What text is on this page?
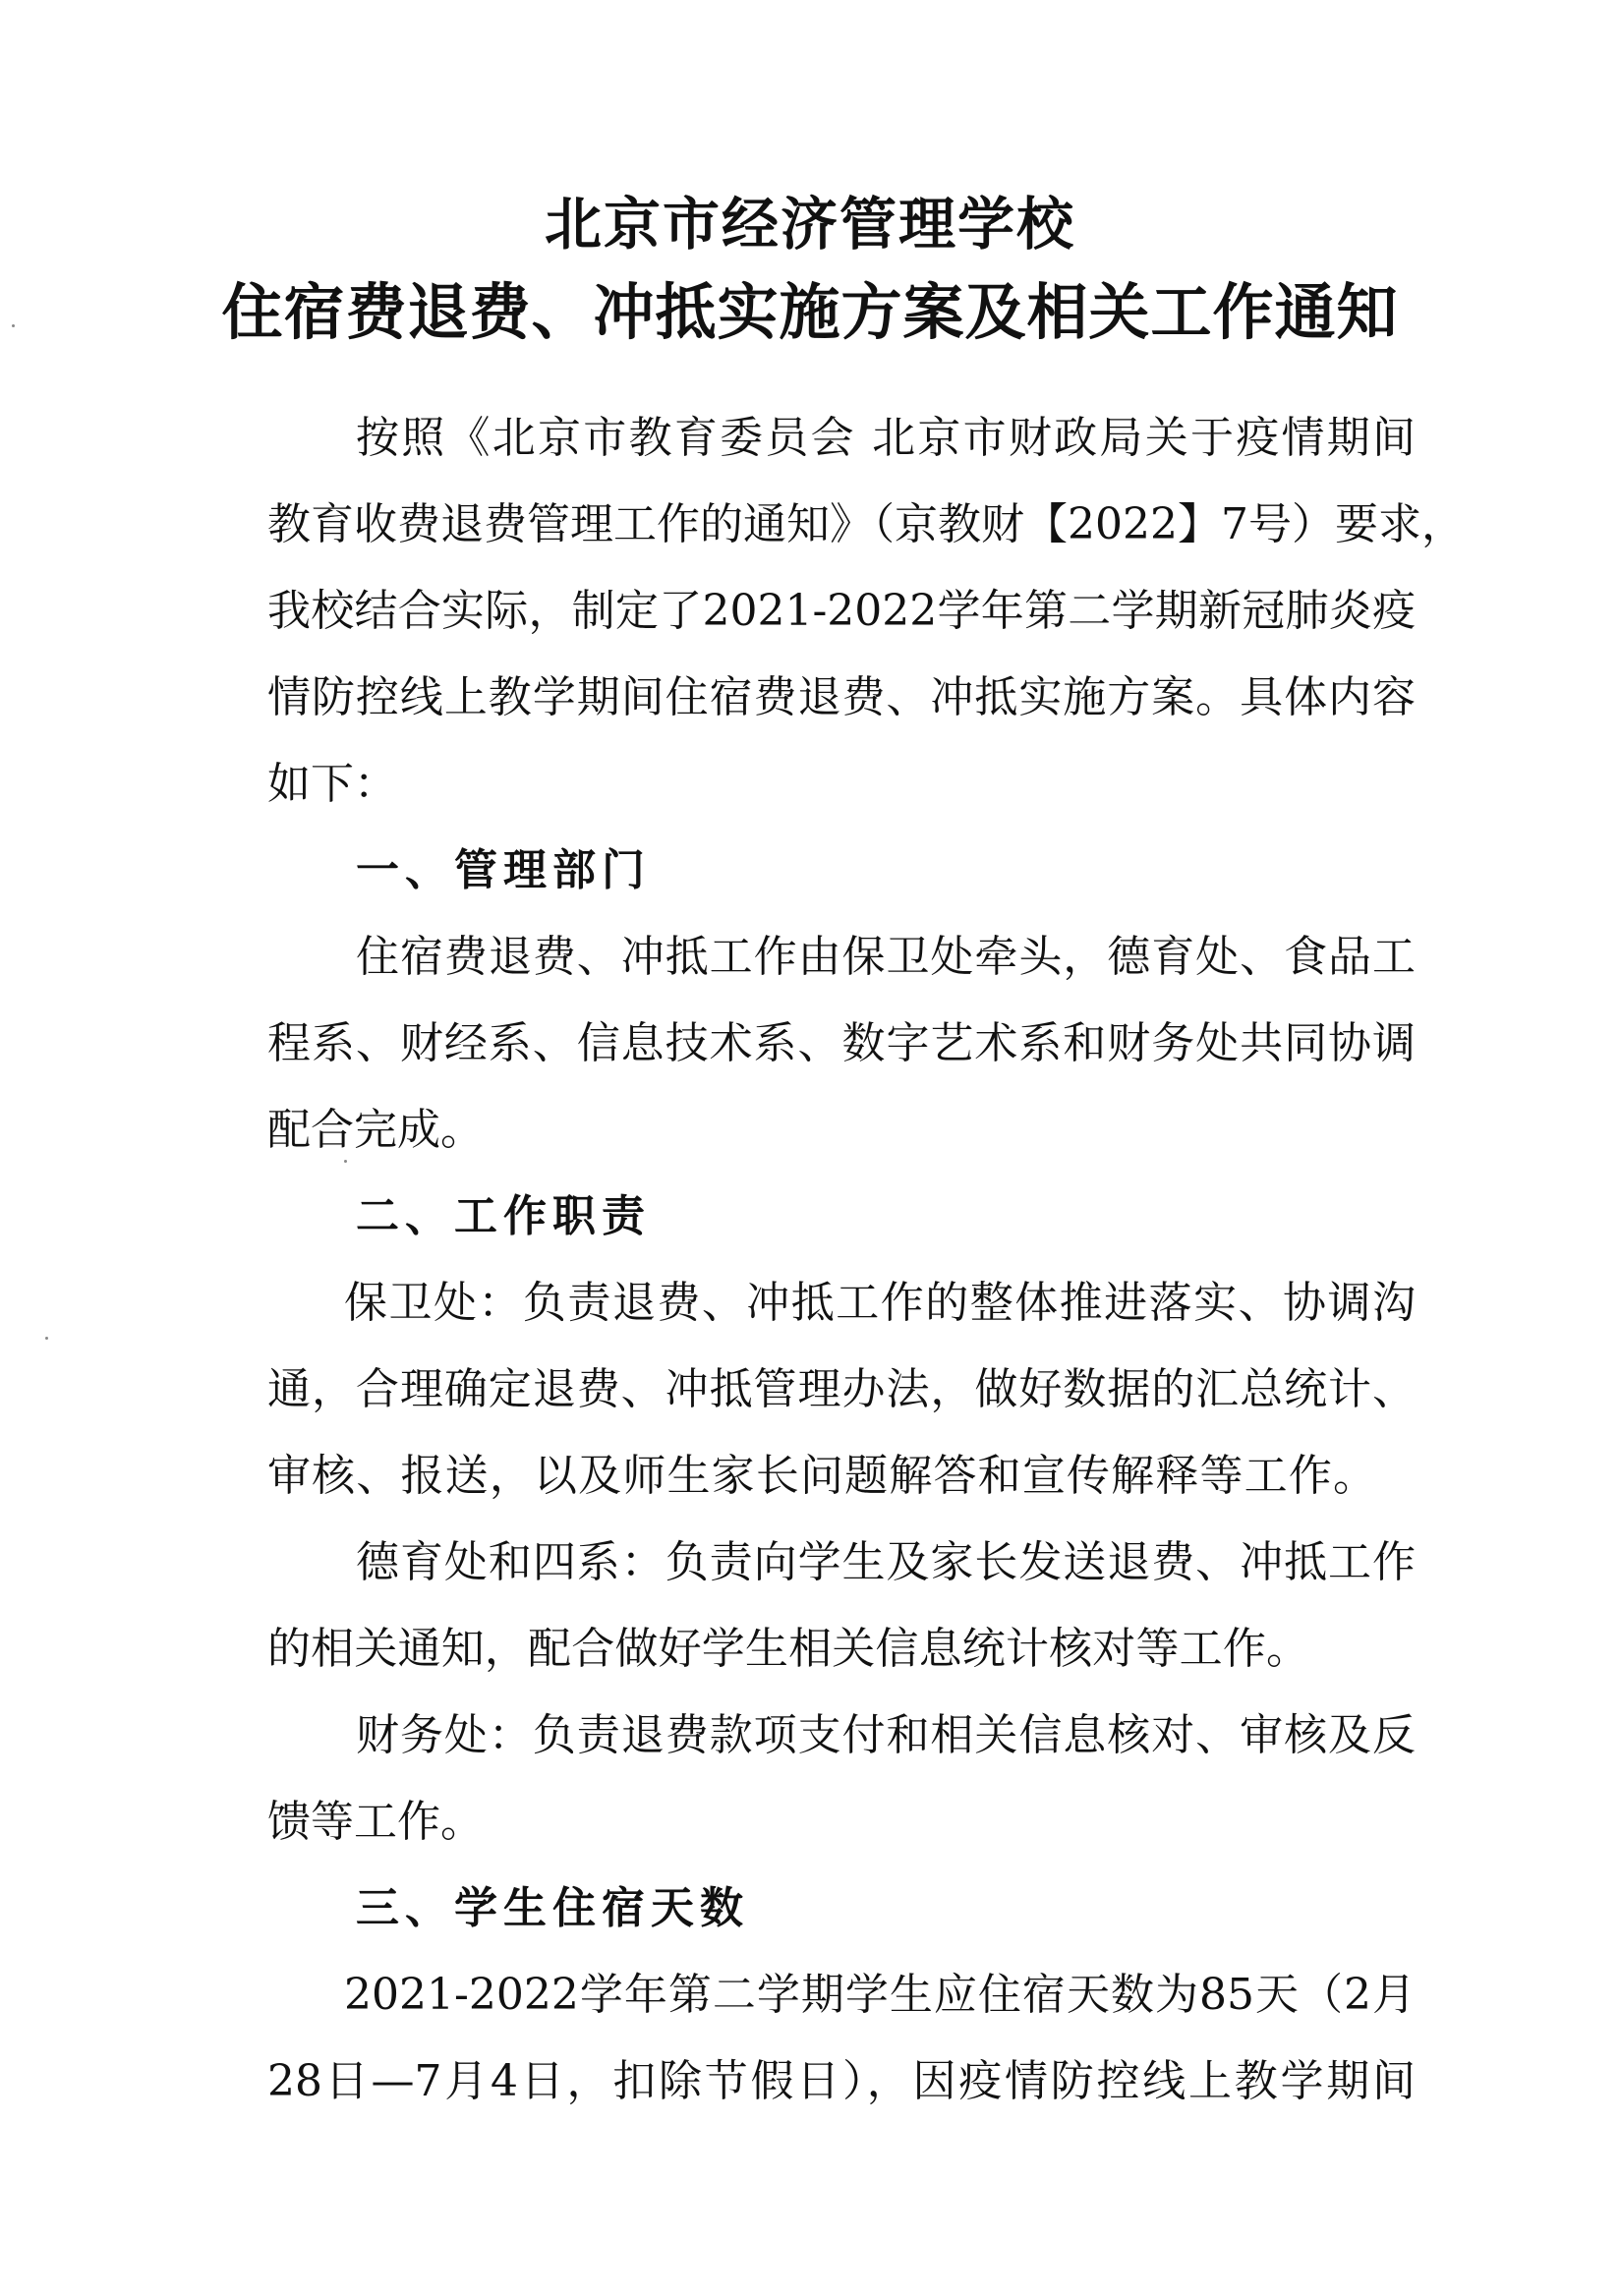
北京市经济管理学校
住宿费退费、冲抵实施方案及相关工作通知
按照《北京市教育委员会 北京市财政局关于疫情期间
教育收费退费管理工作的通知》（京教财【2022】7号）要求，
我校结合实际，制定了2021-2022学年第二学期新冠肺炎疫
情防控线上教学期间住宿费退费、冲抵实施方案。具体内容
如下：
一、管理部门
住宿费退费、冲抵工作由保卫处牵头，德育处、食品工
程系、财经系、信息技术系、数字艺术系和财务处共同协调
配合完成。
二、工作职责
保卫处：负责退费、冲抵工作的整体推进落实、协调沟
通，合理确定退费、冲抵管理办法，做好数据的汇总统计、
审核、报送，以及师生家长问题解答和宣传解释等工作。
德育处和四系：负责向学生及家长发送退费、冲抵工作
的相关通知，配合做好学生相关信息统计核对等工作。
财务处：负责退费款项支付和相关信息核对、审核及反
馈等工作。
三、学生住宿天数
2021-2022学年第二学期学生应住宿天数为85天（2月
28日—7月4日，扣除节假日），因疫情防控线上教学期间
